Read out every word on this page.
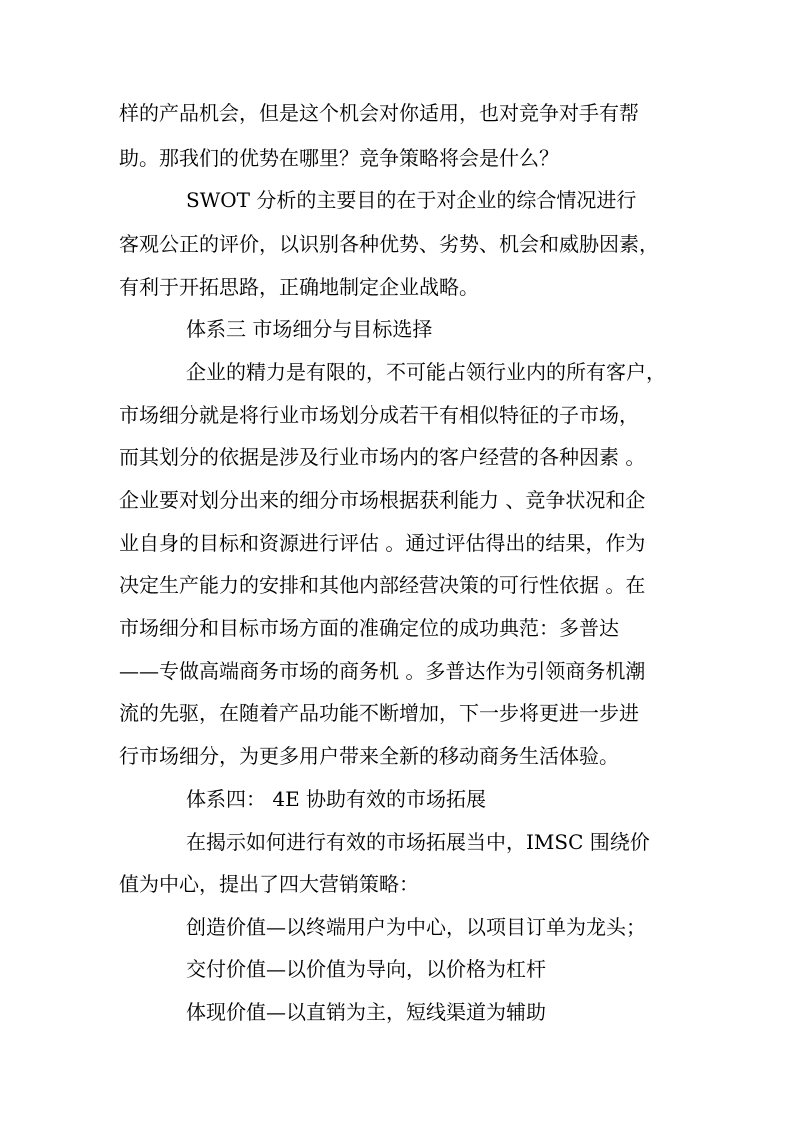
样的产品机会，但是这个机会对你适用，也对竞争对手有帮
助。那我们的优势在哪里？竞争策略将会是什么？
SWOT 分析的主要目的在于对企业的综合情况进行
客观公正的评价，以识别各种优势、劣势、机会和威胁因素，
有利于开拓思路，正确地制定企业战略。
体系三 市场细分与目标选择
企业的精力是有限的，不可能占领行业内的所有客户，
市场细分就是将行业市场划分成若干有相似特征的子市场，
而其划分的依据是涉及行业市场内的客户经营的各种因素 。
企业要对划分出来的细分市场根据获利能力 、竞争状况和企
业自身的目标和资源进行评估 。通过评估得出的结果，作为
决定生产能力的安排和其他内部经营决策的可行性依据 。在
市场细分和目标市场方面的准确定位的成功典范：多普达
——专做高端商务市场的商务机 。多普达作为引领商务机潮
流的先驱，在随着产品功能不断增加，下一步将更进一步进
行市场细分，为更多用户带来全新的移动商务生活体验。
体系四： 4E 协助有效的市场拓展
在揭示如何进行有效的市场拓展当中，IMSC 围绕价
值为中心，提出了四大营销策略：
创造价值—以终端用户为中心，以项目订单为龙头；
交付价值—以价值为导向，以价格为杠杆
体现价值—以直销为主，短线渠道为辅助
